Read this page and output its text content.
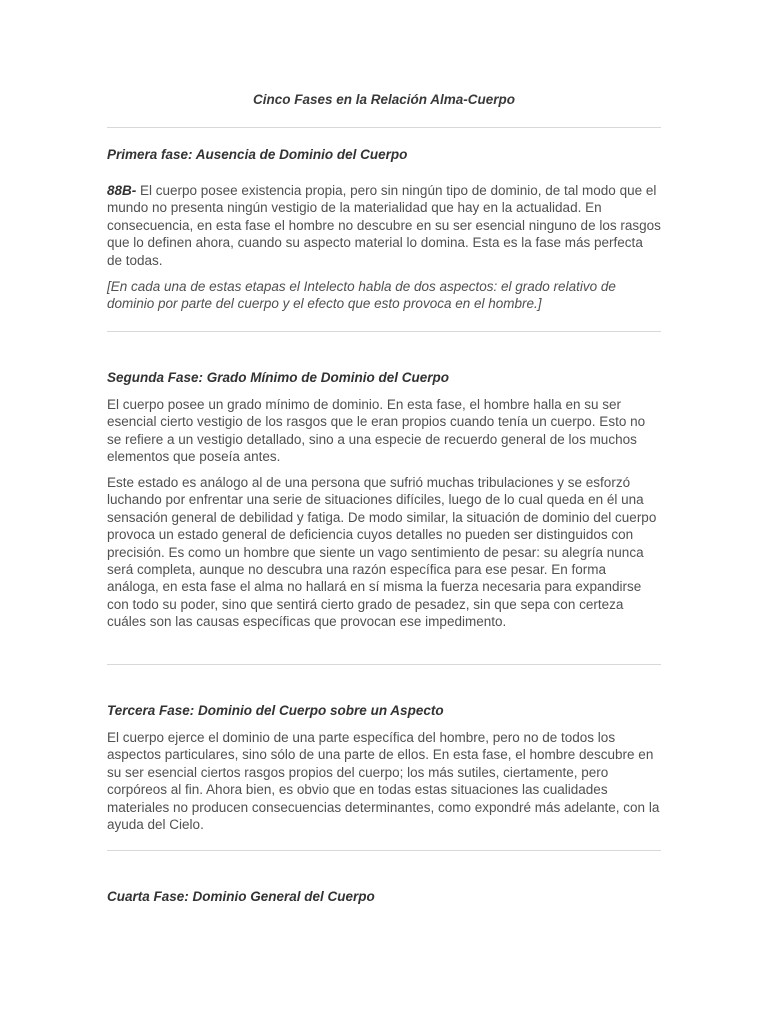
Cinco Fases en la Relación Alma-Cuerpo
Primera fase: Ausencia de Dominio del Cuerpo

88B- El cuerpo posee existencia propia, pero sin ningún tipo de dominio, de tal modo que el mundo no presenta ningún vestigio de la materialidad que hay en la actualidad. En consecuencia, en esta fase el hombre no descubre en su ser esencial ninguno de los rasgos que lo definen ahora, cuando su aspecto material lo domina. Esta es la fase más perfecta de todas.

[En cada una de estas etapas el Intelecto habla de dos aspectos: el grado relativo de dominio por parte del cuerpo y el efecto que esto provoca en el hombre.]

Segunda Fase: Grado Mínimo de Dominio del Cuerpo

El cuerpo posee un grado mínimo de dominio. En esta fase, el hombre halla en su ser esencial cierto vestigio de los rasgos que le eran propios cuando tenía un cuerpo. Esto no se refiere a un vestigio detallado, sino a una especie de recuerdo general de los muchos elementos que poseía antes.

Este estado es análogo al de una persona que sufrió muchas tribulaciones y se esforzó luchando por enfrentar una serie de situaciones difíciles, luego de lo cual queda en él una sensación general de debilidad y fatiga. De modo similar, la situación de dominio del cuerpo provoca un estado general de deficiencia cuyos detalles no pueden ser distinguidos con precisión. Es como un hombre que siente un vago sentimiento de pesar: su alegría nunca será completa, aunque no descubra una razón específica para ese pesar. En forma análoga, en esta fase el alma no hallará en sí misma la fuerza necesaria para expandirse con todo su poder, sino que sentirá cierto grado de pesadez, sin que sepa con certeza cuáles son las causas específicas que provocan ese impedimento.

Tercera Fase: Dominio del Cuerpo sobre un Aspecto

El cuerpo ejerce el dominio de una parte específica del hombre, pero no de todos los aspectos particulares, sino sólo de una parte de ellos. En esta fase, el hombre descubre en su ser esencial ciertos rasgos propios del cuerpo; los más sutiles, ciertamente, pero corpóreos al fin. Ahora bien, es obvio que en todas estas situaciones las cualidades materiales no producen consecuencias determinantes, como expondré más adelante, con la ayuda del Cielo.

Cuarta Fase: Dominio General del Cuerpo
